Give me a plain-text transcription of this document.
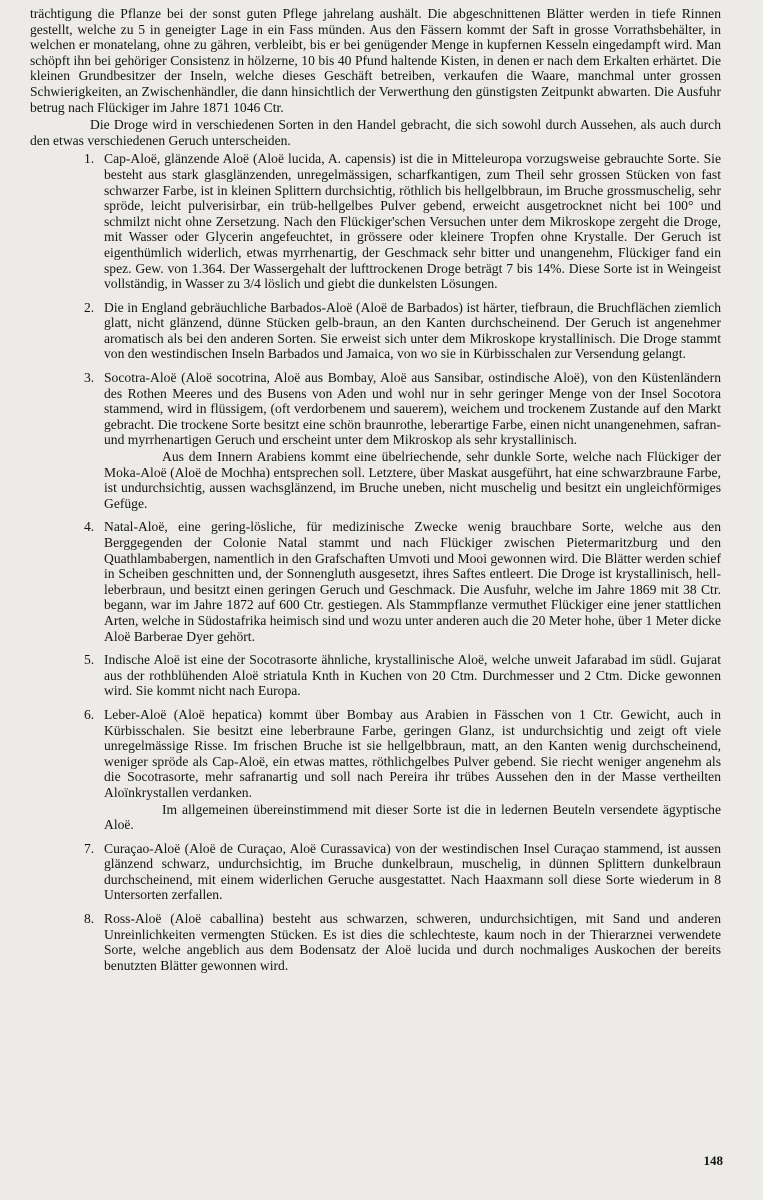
trächtigung die Pflanze bei der sonst guten Pflege jahrelang aushält. Die abgeschnittenen Blätter werden in tiefe Rinnen gestellt, welche zu 5 in geneigter Lage in ein Fass münden. Aus den Fässern kommt der Saft in grosse Vorrathsbehälter, in welchen er monatelang, ohne zu gähren, verbleibt, bis er bei genügender Menge in kupfernen Kesseln eingedampft wird. Man schöpft ihn bei gehöriger Consistenz in hölzerne, 10 bis 40 Pfund haltende Kisten, in denen er nach dem Erkalten erhärtet. Die kleinen Grundbesitzer der Inseln, welche dieses Geschäft betreiben, verkaufen die Waare, manchmal unter grossen Schwierigkeiten, an Zwischenhändler, die dann hinsichtlich der Verwerthung den günstigsten Zeitpunkt abwarten. Die Ausfuhr betrug nach Flückiger im Jahre 1871 1046 Ctr.

Die Droge wird in verschiedenen Sorten in den Handel gebracht, die sich sowohl durch Aussehen, als auch durch den etwas verschiedenen Geruch unterscheiden.

1. Cap-Aloë, glänzende Aloë (Aloë lucida, A. capensis) ist die in Mitteleuropa vorzugsweise gebrauchte Sorte. Sie besteht aus stark glasglänzenden, unregelmässigen, scharfkantigen, zum Theil sehr grossen Stücken von fast schwarzer Farbe, ist in kleinen Splittern durchsichtig, röthlich bis hellgelbbraun, im Bruche grossmuschelig, sehr spröde, leicht pulverisirbar, ein trüb-hellgelbes Pulver gebend, erweicht ausgetrocknet nicht bei 100° und schmilzt nicht ohne Zersetzung. Nach den Flückiger'schen Versuchen unter dem Mikroskope zergeht die Droge, mit Wasser oder Glycerin angefeuchtet, in grössere oder kleinere Tropfen ohne Krystalle. Der Geruch ist eigenthümlich widerlich, etwas myrrhenartig, der Geschmack sehr bitter und unangenehm, Flückiger fand ein spez. Gew. von 1.364. Der Wassergehalt der lufttrockenen Droge beträgt 7 bis 14%. Diese Sorte ist in Weingeist vollständig, in Wasser zu 3/4 löslich und giebt die dunkelsten Lösungen.

2. Die in England gebräuchliche Barbados-Aloë (Aloë de Barbados) ist härter, tiefbraun, die Bruchflächen ziemlich glatt, nicht glänzend, dünne Stücken gelb-braun, an den Kanten durchscheinend. Der Geruch ist angenehmer aromatisch als bei den anderen Sorten. Sie erweist sich unter dem Mikroskope krystallinisch. Die Droge stammt von den westindischen Inseln Barbados und Jamaica, von wo sie in Kürbisschalen zur Versendung gelangt.

3. Socotra-Aloë (Aloë socotrina, Aloë aus Bombay, Aloë aus Sansibar, ostindische Aloë), von den Küstenländern des Rothen Meeres und des Busens von Aden und wohl nur in sehr geringer Menge von der Insel Socotora stammend, wird in flüssigem, (oft verdorbenem und sauerem), weichem und trockenem Zustande auf den Markt gebracht. Die trockene Sorte besitzt eine schön braunrothe, leberartige Farbe, einen nicht unangenehmen, safran- und myrrhenartigen Geruch und erscheint unter dem Mikroskop als sehr krystallinisch.

Aus dem Innern Arabiens kommt eine übelriechende, sehr dunkle Sorte, welche nach Flückiger der Moka-Aloë (Aloë de Mochha) entsprechen soll. Letztere, über Maskat ausgeführt, hat eine schwarzbraune Farbe, ist undurchsichtig, aussen wachsglänzend, im Bruche uneben, nicht muschelig und besitzt ein ungleichförmiges Gefüge.

4. Natal-Aloë, eine gering-lösliche, für medizinische Zwecke wenig brauchbare Sorte, welche aus den Berggegenden der Colonie Natal stammt und nach Flückiger zwischen Pietermaritzburg und den Quathlambabergen, namentlich in den Grafschaften Umvoti und Mooi gewonnen wird. Die Blätter werden schief in Scheiben geschnitten und, der Sonnengluth ausgesetzt, ihres Saftes entleert. Die Droge ist krystallinisch, hell-leberbraun, und besitzt einen geringen Geruch und Geschmack. Die Ausfuhr, welche im Jahre 1869 mit 38 Ctr. begann, war im Jahre 1872 auf 600 Ctr. gestiegen. Als Stammpflanze vermuthet Flückiger eine jener stattlichen Arten, welche in Südostafrika heimisch sind und wozu unter anderen auch die 20 Meter hohe, über 1 Meter dicke Aloë Barberae Dyer gehört.

5. Indische Aloë ist eine der Socotrasorte ähnliche, krystallinische Aloë, welche unweit Jafarabad im südl. Gujarat aus der rothblühenden Aloë striatula Knth in Kuchen von 20 Ctm. Durchmesser und 2 Ctm. Dicke gewonnen wird. Sie kommt nicht nach Europa.

6. Leber-Aloë (Aloë hepatica) kommt über Bombay aus Arabien in Fässchen von 1 Ctr. Gewicht, auch in Kürbisschalen. Sie besitzt eine leberbraune Farbe, geringen Glanz, ist undurchsichtig und zeigt oft viele unregelmässige Risse. Im frischen Bruche ist sie hellgelbbraun, matt, an den Kanten wenig durchscheinend, weniger spröde als Cap-Aloë, ein etwas mattes, röthlichgelbes Pulver gebend. Sie riecht weniger angenehm als die Socotrasorte, mehr safranartig und soll nach Pereira ihr trübes Aussehen den in der Masse vertheilten Aloïnkrystallen verdanken.

Im allgemeinen übereinstimmend mit dieser Sorte ist die in ledernen Beuteln versendete ägyptische Aloë.

7. Curaçao-Aloë (Aloë de Curaçao, Aloë Curassavica) von der westindischen Insel Curaçao stammend, ist aussen glänzend schwarz, undurchsichtig, im Bruche dunkelbraun, muschelig, in dünnen Splittern dunkelbraun durchscheinend, mit einem widerlichen Geruche ausgestattet. Nach Haaxmann soll diese Sorte wiederum in 8 Untersorten zerfallen.

8. Ross-Aloë (Aloë caballina) besteht aus schwarzen, schweren, undurchsichtigen, mit Sand und anderen Unreinlichkeiten vermengten Stücken. Es ist dies die schlechteste, kaum noch in der Thierarznei verwendete Sorte, welche angeblich aus dem Bodensatz der Aloë lucida und durch nochmaliges Auskochen der bereits benutzten Blätter gewonnen wird.

148
